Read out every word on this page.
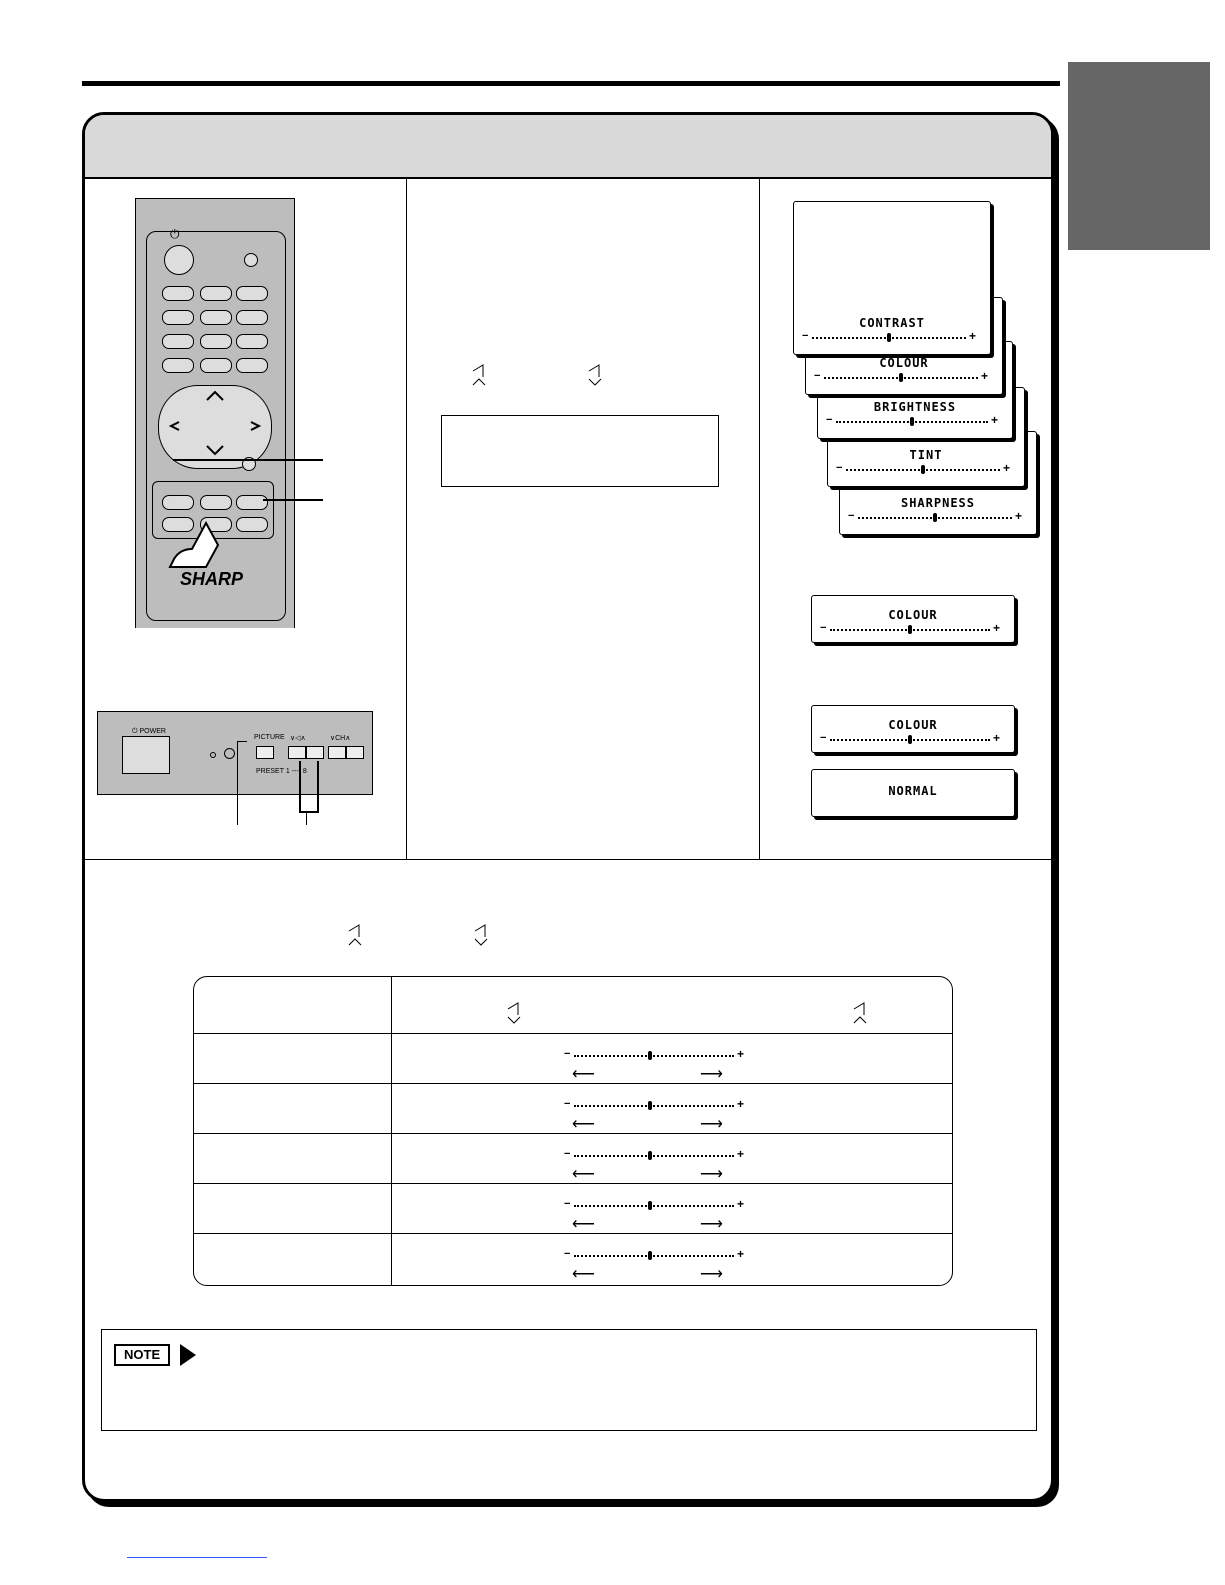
⏻
SHARP
⏻ POWER
PICTURE ∨◁∧	∨CH∧
PRESET 1 ---- 8
SHARPNESS
−	+
TINT
−	+
BRIGHTNESS
−	+
COLOUR
−	+
CONTRAST
−	+
COLOUR
−	+
COLOUR
−	+
NORMAL
−	+
⟵	⟶
−	+
⟵	⟶
−	+
⟵	⟶
−	+
⟵	⟶
−	+
⟵	⟶
NOTE
